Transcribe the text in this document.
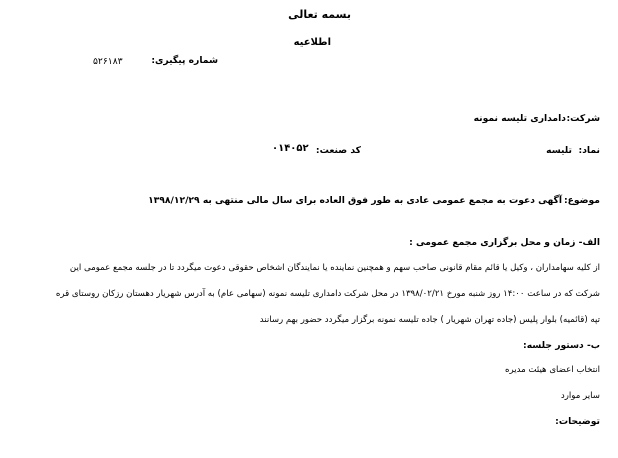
بسمه تعالی
اطلاعیه
شماره پیگیری:
۵۲۶۱۸۳
شرکت:
دامداری تلیسه نمونه
نماد:
تلیسه
کد صنعت:
۰۱۴۰۵۲
موضوع:
آگهی دعوت به مجمع عمومی عادی به طور فوق العاده برای سال مالی منتهی به ۱۳۹۸/۱۲/۲۹
الف- زمان و محل برگزاری مجمع عمومی :
از کلیه سهامداران ، وکیل یا قائم مقام قانونی صاحب سهم و همچنین نماینده یا نمایندگان اشخاص حقوقی دعوت میگردد تا در جلسه مجمع عمومی این
شرکت که در ساعت ۱۴:۰۰ روز شنبه مورخ ۱۳۹۸/۰۲/۲۱ در محل شرکت دامداری تلیسه نمونه (سهامی عام) به آدرس شهریار دهستان رزکان روستای قره
تپه (قائمیه) بلوار پلیس (جاده تهران شهریار ) جاده تلیسه نمونه برگزار میگردد حضور بهم رسانند
ب- دستور جلسه:
انتخاب اعضای هیئت مدیره
سایر موارد
توضیحات:
